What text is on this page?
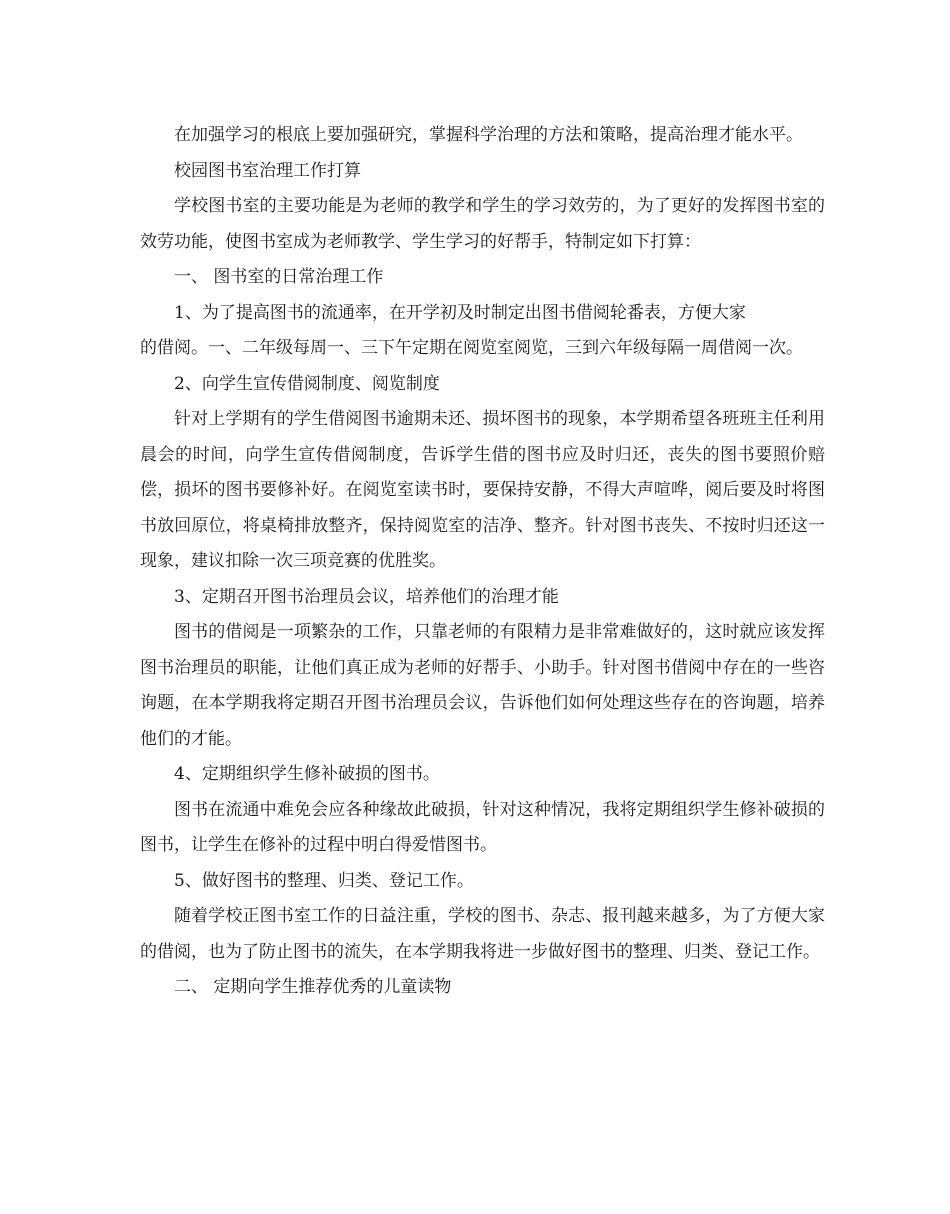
在加强学习的根底上要加强研究，掌握科学治理的方法和策略，提高治理才能水平。

校园图书室治理工作打算

学校图书室的主要功能是为老师的教学和学生的学习效劳的，为了更好的发挥图书室的效劳功能，使图书室成为老师教学、学生学习的好帮手，特制定如下打算：

一、 图书室的日常治理工作

1、为了提高图书的流通率，在开学初及时制定出图书借阅轮番表，方便大家

的借阅。一、二年级每周一、三下午定期在阅览室阅览，三到六年级每隔一周借阅一次。

2、向学生宣传借阅制度、阅览制度

针对上学期有的学生借阅图书逾期未还、损坏图书的现象，本学期希望各班班主任利用晨会的时间，向学生宣传借阅制度，告诉学生借的图书应及时归还，丧失的图书要照价赔偿，损坏的图书要修补好。在阅览室读书时，要保持安静，不得大声喧哗，阅后要及时将图书放回原位，将桌椅排放整齐，保持阅览室的洁净、整齐。针对图书丧失、不按时归还这一现象，建议扣除一次三项竞赛的优胜奖。

3、定期召开图书治理员会议，培养他们的治理才能

图书的借阅是一项繁杂的工作，只靠老师的有限精力是非常难做好的，这时就应该发挥图书治理员的职能，让他们真正成为老师的好帮手、小助手。针对图书借阅中存在的一些咨询题，在本学期我将定期召开图书治理员会议，告诉他们如何处理这些存在的咨询题，培养他们的才能。

4、定期组织学生修补破损的图书。

图书在流通中难免会应各种缘故此破损，针对这种情况，我将定期组织学生修补破损的图书，让学生在修补的过程中明白得爱惜图书。

5、做好图书的整理、归类、登记工作。

随着学校正图书室工作的日益注重，学校的图书、杂志、报刊越来越多，为了方便大家的借阅，也为了防止图书的流失，在本学期我将进一步做好图书的整理、归类、登记工作。

二、 定期向学生推荐优秀的儿童读物
